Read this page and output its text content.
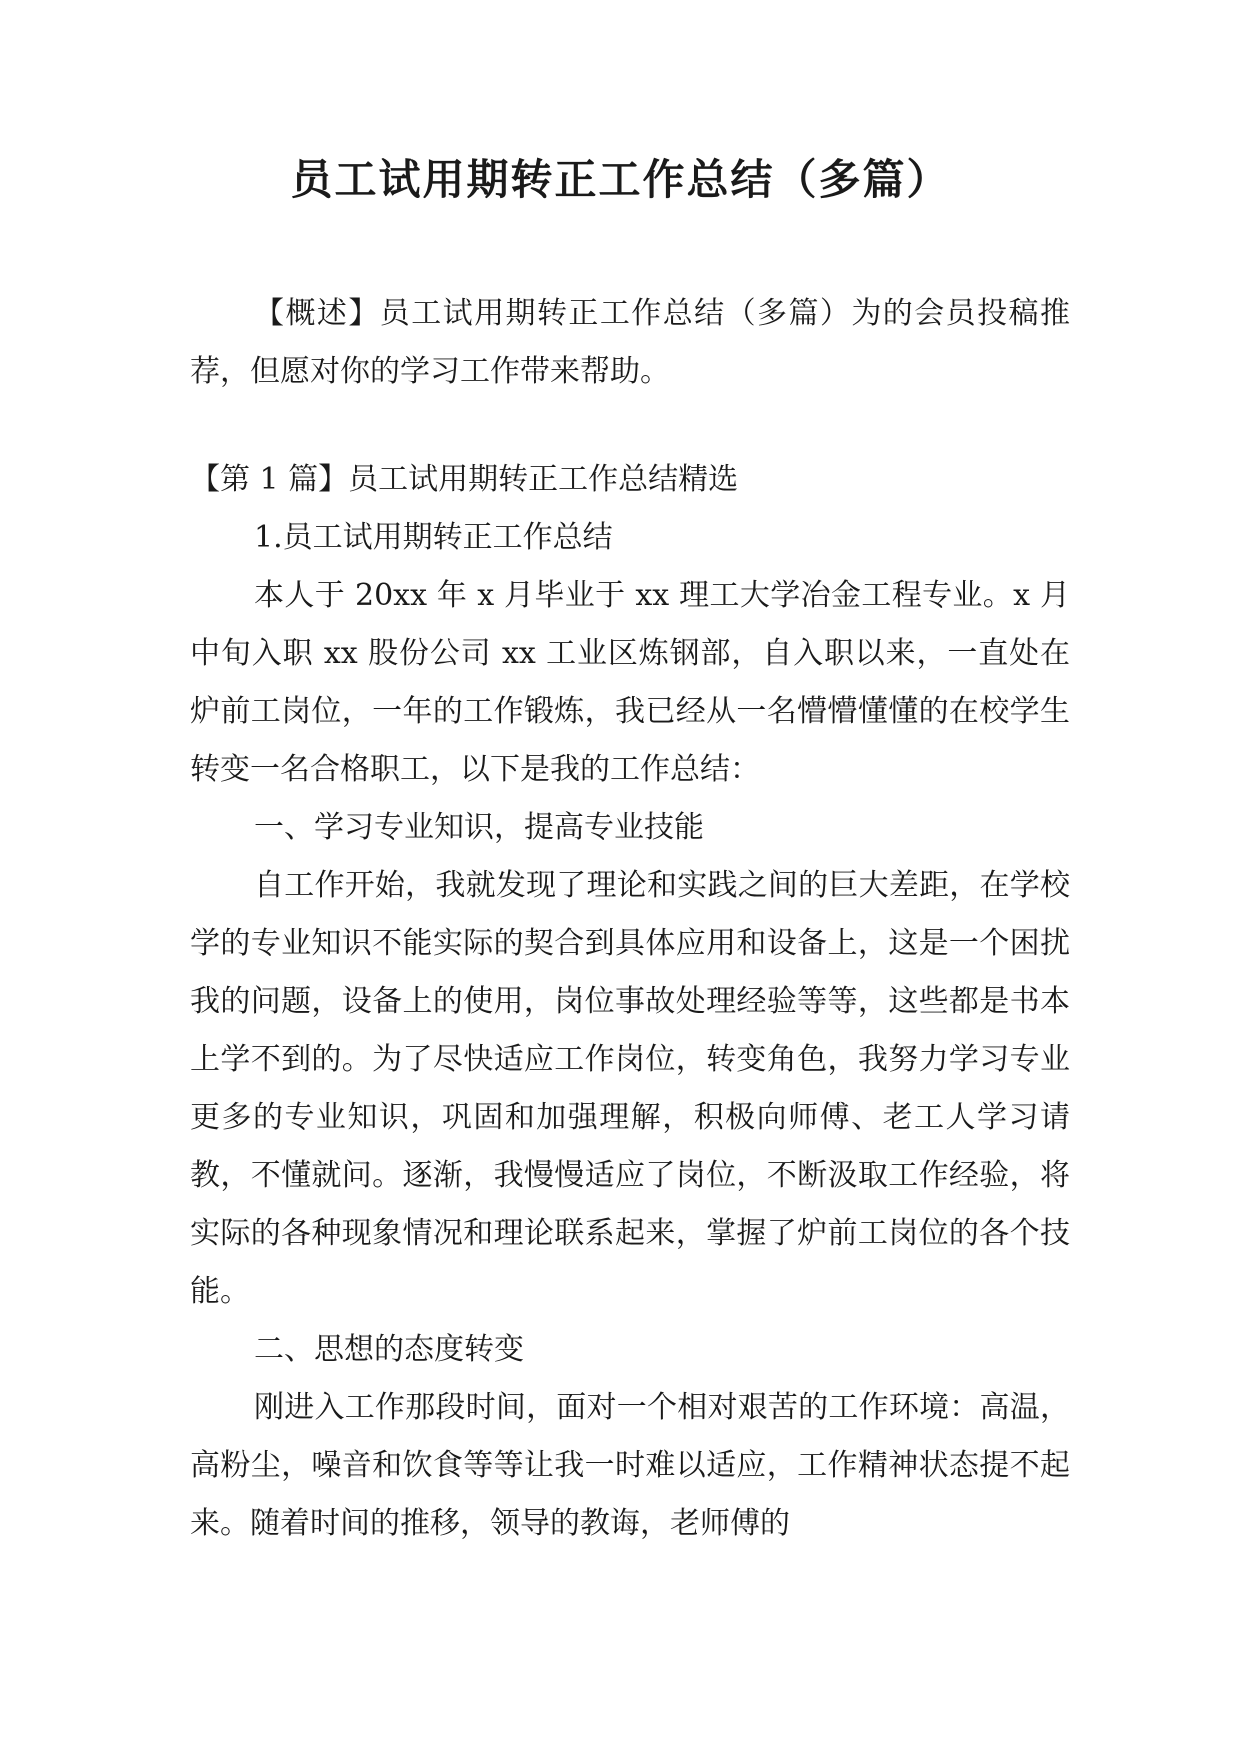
员工试用期转正工作总结（多篇）

【概述】员工试用期转正工作总结（多篇）为的会员投稿推荐，但愿对你的学习工作带来帮助。

【第 1 篇】员工试用期转正工作总结精选

1.员工试用期转正工作总结

本人于 20xx 年 x 月毕业于 xx 理工大学冶金工程专业。x 月中旬入职 xx 股份公司 xx 工业区炼钢部，自入职以来，一直处在炉前工岗位，一年的工作锻炼，我已经从一名懵懵懂懂的在校学生转变一名合格职工，以下是我的工作总结：

一、学习专业知识，提高专业技能

自工作开始，我就发现了理论和实践之间的巨大差距，在学校学的专业知识不能实际的契合到具体应用和设备上，这是一个困扰我的问题，设备上的使用，岗位事故处理经验等等，这些都是书本上学不到的。为了尽快适应工作岗位，转变角色，我努力学习专业更多的专业知识，巩固和加强理解，积极向师傅、老工人学习请教，不懂就问。逐渐，我慢慢适应了岗位，不断汲取工作经验，将实际的各种现象情况和理论联系起来，掌握了炉前工岗位的各个技能。

二、思想的态度转变

刚进入工作那段时间，面对一个相对艰苦的工作环境：高温，高粉尘，噪音和饮食等等让我一时难以适应，工作精神状态提不起来。随着时间的推移，领导的教诲，老师傅的
